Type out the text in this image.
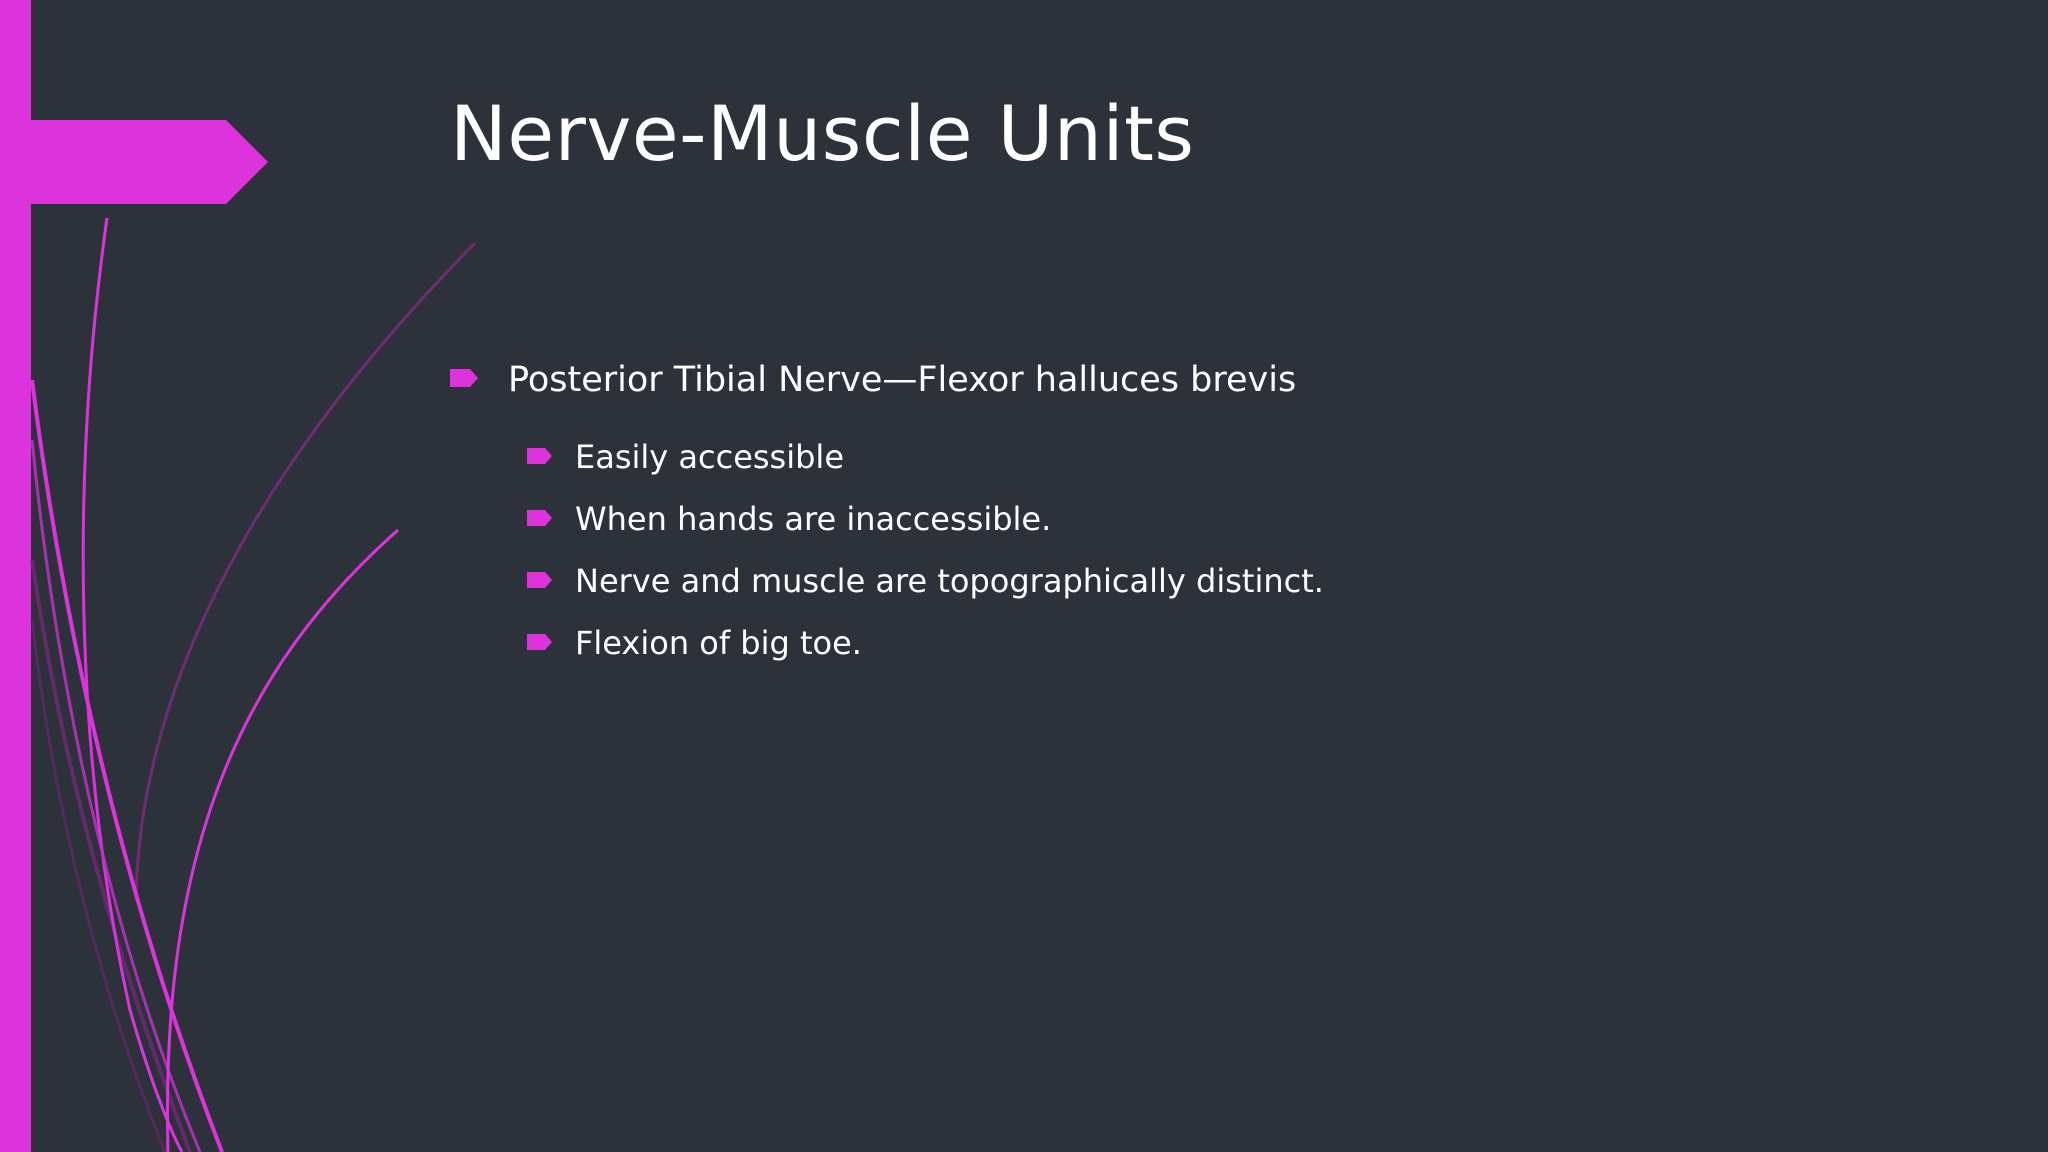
Nerve-Muscle Units
Posterior Tibial Nerve—Flexor halluces brevis
Easily accessible
When hands are inaccessible.
Nerve and muscle are topographically distinct.
Flexion of big toe.
